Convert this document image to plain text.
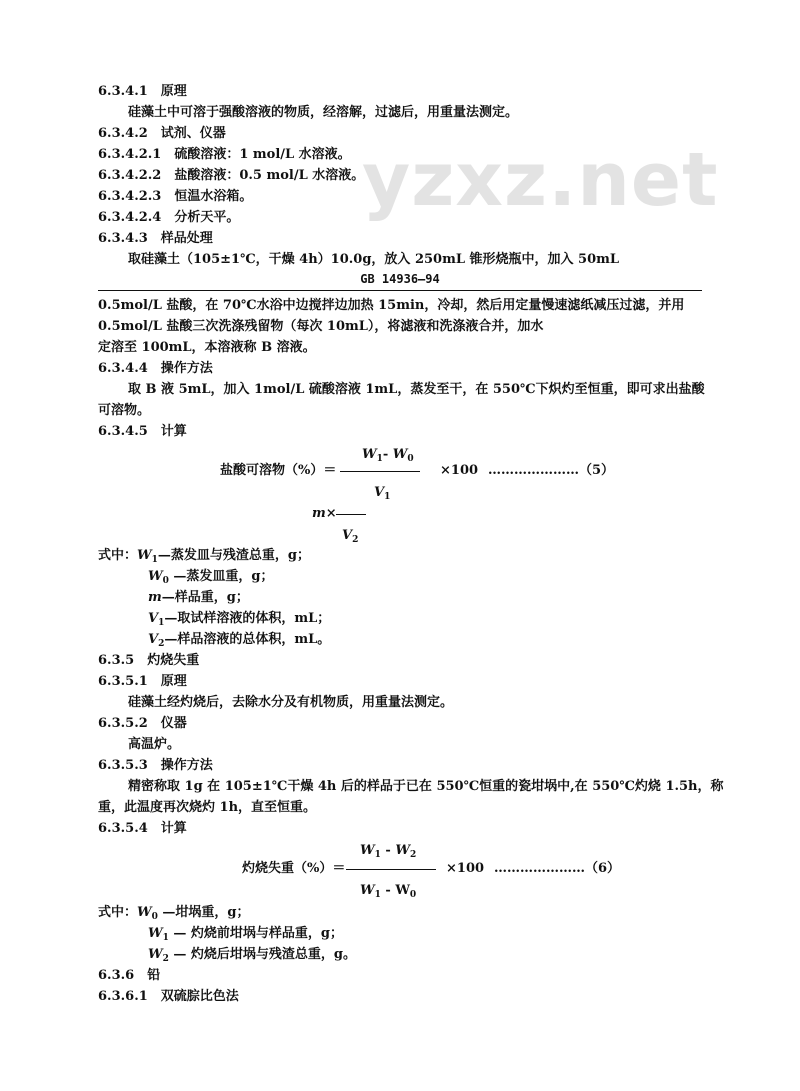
yzxz.net
6.3.4.1　原理
硅藻土中可溶于强酸溶液的物质，经溶解，过滤后，用重量法测定。
6.3.4.2　试剂、仪器
6.3.4.2.1　硫酸溶液：1 mol/L 水溶液。
6.3.4.2.2　盐酸溶液：0.5 mol/L 水溶液。
6.3.4.2.3　恒温水浴箱。
6.3.4.2.4　分析天平。
6.3.4.3　样品处理
取硅藻土（105±1℃，干燥 4h）10.0g，放入 250mL 锥形烧瓶中，加入 50mL
GB 14936—94
0.5mol/L 盐酸，在 70℃水浴中边搅拌边加热 15min，冷却，然后用定量慢速滤纸减压过滤，并用
0.5mol/L 盐酸三次洗涤残留物（每次 10mL），将滤液和洗涤液合并，加水
定溶至 100mL，本溶液称 B 溶液。
6.3.4.4　操作方法
取 B 液 5mL，加入 1mol/L 硫酸溶液 1mL，蒸发至干，在 550℃下炽灼至恒重，即可求出盐酸
可溶物。
6.3.4.5　计算
$W_1-$ $W_0$
盐酸可溶物（%）＝	×100 …………………（5）
$V_1$
m×
$V_2$
式中：$W_1—$蒸发皿与残渣总重，g；
$W_0$ —蒸发皿重，g；
m—样品重，g；
$V_1—$取试样溶液的体积，mL；
$V_2—$样品溶液的总体积，mL。
6.3.5　灼烧失重
6.3.5.1　原理
硅藻土经灼烧后，去除水分及有机物质，用重量法测定。
6.3.5.2　仪器
高温炉。
6.3.5.3　操作方法
精密称取 1g 在 105±1℃干燥 4h 后的样品于已在 550℃恒重的瓷坩埚中,在 550℃灼烧 1.5h，称
重，此温度再次烧灼 1h，直至恒重。
6.3.5.4　计算
$W_1 - W_2$
灼烧失重（%）＝	×100 …………………（6）
$W_1 - W_0$
式中：$W_0$ —坩埚重，g；
$W_1$ — 灼烧前坩埚与样品重，g；
$W_2$ — 灼烧后坩埚与残渣总重，g。
6.3.6　铅
6.3.6.1　双硫腙比色法
